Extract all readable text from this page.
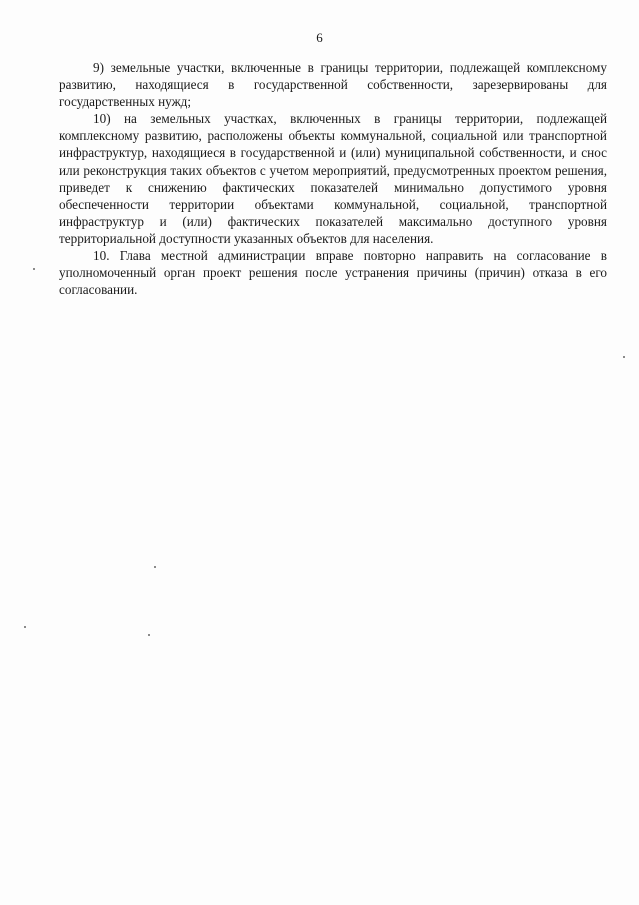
6

9) земельные участки, включенные в границы территории, подлежащей комплексному развитию, находящиеся в государственной собственности, зарезервированы для государственных нужд;

10) на земельных участках, включенных в границы территории, подлежащей комплексному развитию, расположены объекты коммунальной, социальной или транспортной инфраструктур, находящиеся в государственной и (или) муниципальной собственности, и снос или реконструкция таких объектов с учетом мероприятий, предусмотренных проектом решения, приведет к снижению фактических показателей минимально допустимого уровня обеспеченности территории объектами коммунальной, социальной, транспортной инфраструктур и (или) фактических показателей максимально доступного уровня территориальной доступности указанных объектов для населения.

10. Глава местной администрации вправе повторно направить на согласование в уполномоченный орган проект решения после устранения причины (причин) отказа в его согласовании.
